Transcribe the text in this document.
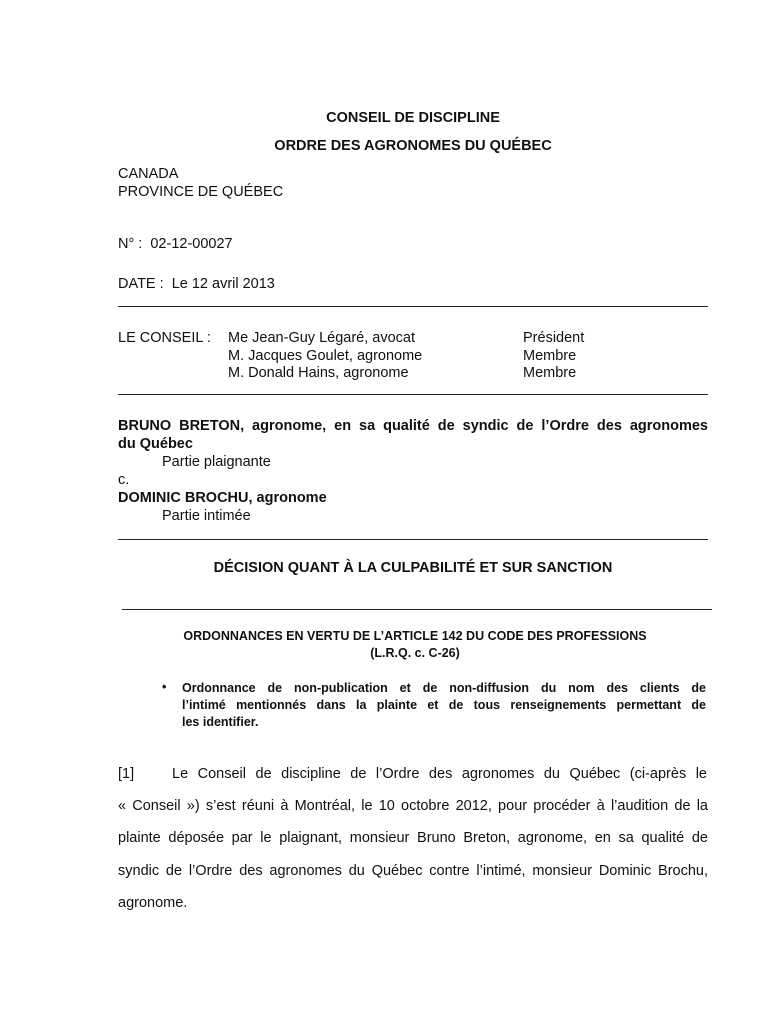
CONSEIL DE DISCIPLINE
ORDRE DES AGRONOMES DU QUÉBEC
CANADA
PROVINCE DE QUÉBEC
N° : 02-12-00027
DATE : Le 12 avril 2013
LE CONSEIL : Me Jean-Guy Légaré, avocat
M. Jacques Goulet, agronome
M. Donald Hains, agronome
Président
Membre
Membre
BRUNO BRETON, agronome, en sa qualité de syndic de l’Ordre des agronomes
du Québec
Partie plaignante
c.
DOMINIC BROCHU, agronome
Partie intimée
DÉCISION QUANT À LA CULPABILITÉ ET SUR SANCTION
ORDONNANCES EN VERTU DE L’ARTICLE 142 DU CODE DES PROFESSIONS
(L.R.Q. c. C-26)
• Ordonnance de non-publication et de non-diffusion du nom des clients de
l’intimé mentionnés dans la plainte et de tous renseignements permettant de
les identifier.
[1]	Le Conseil de discipline de l’Ordre des agronomes du Québec (ci-après le
« Conseil ») s’est réuni à Montréal, le 10 octobre 2012, pour procéder à l’audition de la
plainte déposée par le plaignant, monsieur Bruno Breton, agronome, en sa qualité de
syndic de l’Ordre des agronomes du Québec contre l’intimé, monsieur Dominic Brochu,
agronome.
